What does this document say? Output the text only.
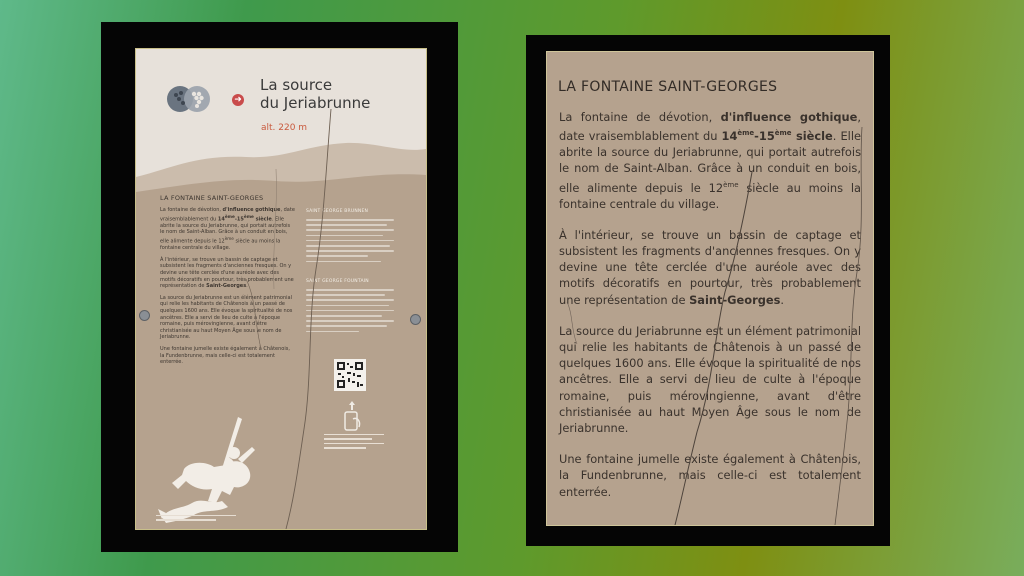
➜
La source
du Jeriabrunne
alt. 220 m
LA FONTAINE SAINT-GEORGES

La fontaine de dévotion, d'influence gothique, date vraisemblablement du 14ème-15ème siècle. Elle abrite la source du Jeriabrunne, qui portait autrefois le nom de Saint-Alban. Grâce à un conduit en bois, elle alimente depuis le 12ème siècle au moins la fontaine centrale du village.

À l'intérieur, se trouve un bassin de captage et subsistent les fragments d'anciennes fresques. On y devine une tête cerclée d'une auréole avec des motifs décoratifs en pourtour, très probablement une représentation de Saint-Georges.

La source du Jeriabrunne est un élément patrimonial qui relie les habitants de Châtenois à un passé de quelques 1600 ans. Elle évoque la spiritualité de nos ancêtres. Elle a servi de lieu de culte à l'époque romaine, puis mérovingienne, avant d'être christianisée au haut Moyen Âge sous le nom de Jeriabrunne.

Une fontaine jumelle existe également à Châtenois, la Fundenbrunne, mais celle-ci est totalement enterrée.

SAINT GEORGE BRUNNEN
SAINT GEORGE FOUNTAIN
LA FONTAINE SAINT-GEORGES

La fontaine de dévotion, d'influence gothique, date vraisemblablement du 14ème-15ème siècle. Elle abrite la source du Jeriabrunne, qui portait autrefois le nom de Saint-Alban. Grâce à un conduit en bois, elle alimente depuis le 12ème siècle au moins la fontaine centrale du village.

À l'intérieur, se trouve un bassin de captage et subsistent les fragments d'anciennes fresques. On y devine une tête cerclée d'une auréole avec des motifs décoratifs en pourtour, très probablement une représentation de Saint-Georges.

La source du Jeriabrunne est un élément patrimonial qui relie les habitants de Châtenois à un passé de quelques 1600 ans. Elle évoque la spiritualité de nos ancêtres. Elle a servi de lieu de culte à l'époque romaine, puis mérovingienne, avant d'être christianisée au haut Moyen Âge sous le nom de Jeriabrunne.

Une fontaine jumelle existe également à Châtenois, la Fundenbrunne, mais celle-ci est totalement enterrée.
